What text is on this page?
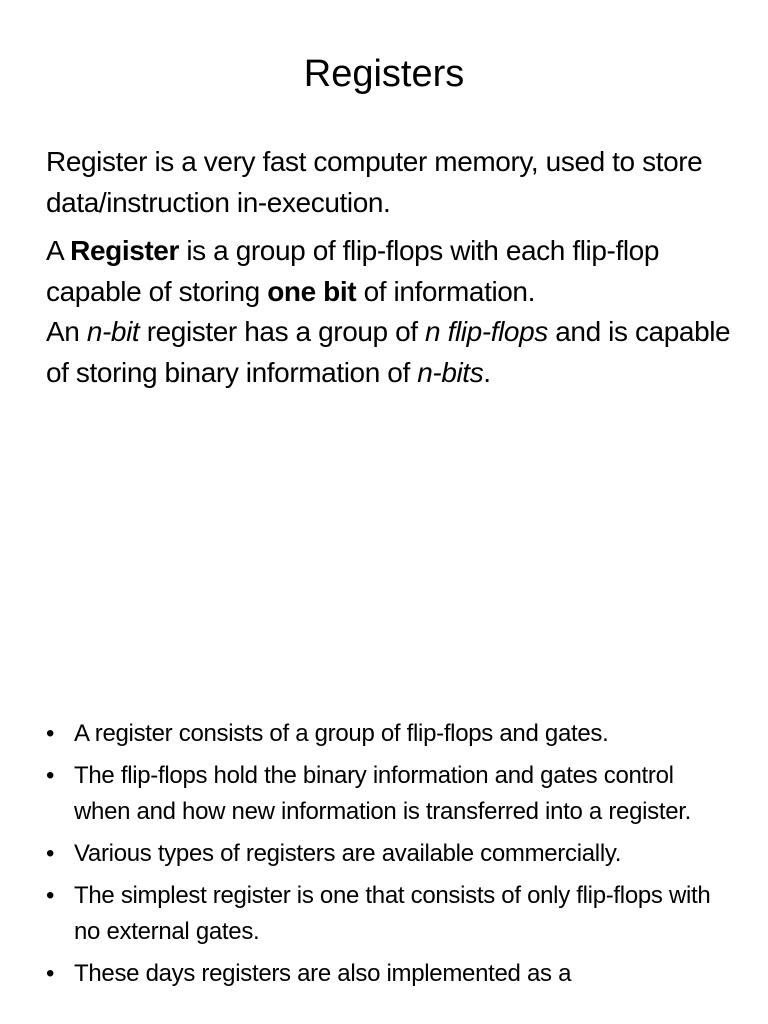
Registers

Register is a very fast computer memory, used to store data/instruction in-execution.

A Register is a group of flip-flops with each flip-flop capable of storing one bit of information.

An n-bit register has a group of n flip-flops and is capable of storing binary information of n-bits.

• A register consists of a group of flip-flops and gates.
• The flip-flops hold the binary information and gates control when and how new information is transferred into a register.
• Various types of registers are available commercially.
• The simplest register is one that consists of only flip-flops with no external gates.
• These days registers are also implemented as a
